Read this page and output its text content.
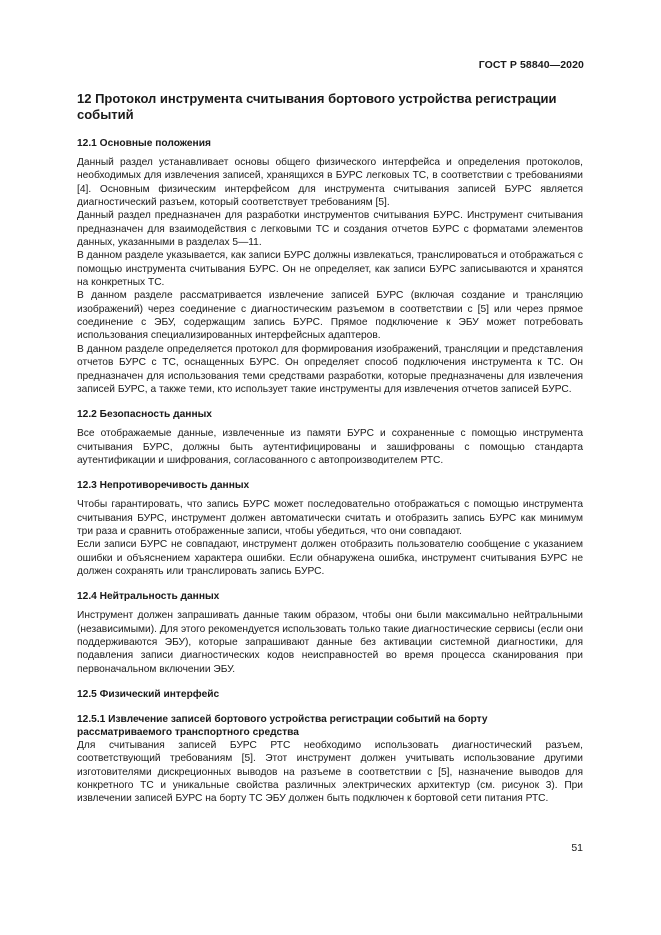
ГОСТ Р 58840—2020
12 Протокол инструмента считывания бортового устройства регистрации событий
12.1 Основные положения

Данный раздел устанавливает основы общего физического интерфейса и определения протоколов, необходимых для извлечения записей, хранящихся в БУРС легковых ТС, в соответствии с требованиями [4]. Основным физическим интерфейсом для инструмента считывания записей БУРС является диагностический разъем, который соответствует требованиям [5].

Данный раздел предназначен для разработки инструментов считывания БУРС. Инструмент считывания предназначен для взаимодействия с легковыми ТС и создания отчетов БУРС с форматами элементов данных, указанными в разделах 5—11.

В данном разделе указывается, как записи БУРС должны извлекаться, транслироваться и отображаться с помощью инструмента считывания БУРС. Он не определяет, как записи БУРС записываются и хранятся на конкретных ТС.

В данном разделе рассматривается извлечение записей БУРС (включая создание и трансляцию изображений) через соединение с диагностическим разъемом в соответствии с [5] или через прямое соединение с ЭБУ, содержащим запись БУРС. Прямое подключение к ЭБУ может потребовать использования специализированных интерфейсных адаптеров.

В данном разделе определяется протокол для формирования изображений, трансляции и представления отчетов БУРС с ТС, оснащенных БУРС. Он определяет способ подключения инструмента к ТС. Он предназначен для использования теми средствами разработки, которые предназначены для извлечения записей БУРС, а также теми, кто использует такие инструменты для извлечения отчетов записей БУРС.

12.2 Безопасность данных

Все отображаемые данные, извлеченные из памяти БУРС и сохраненные с помощью инструмента считывания БУРС, должны быть аутентифицированы и зашифрованы с помощью стандарта аутентификации и шифрования, согласованного с автопроизводителем РТС.

12.3 Непротиворечивость данных

Чтобы гарантировать, что запись БУРС может последовательно отображаться с помощью инструмента считывания БУРС, инструмент должен автоматически считать и отобразить запись БУРС как минимум три раза и сравнить отображенные записи, чтобы убедиться, что они совпадают.

Если записи БУРС не совпадают, инструмент должен отобразить пользователю сообщение с указанием ошибки и объяснением характера ошибки. Если обнаружена ошибка, инструмент считывания БУРС не должен сохранять или транслировать запись БУРС.

12.4 Нейтральность данных

Инструмент должен запрашивать данные таким образом, чтобы они были максимально нейтральными (независимыми). Для этого рекомендуется использовать только такие диагностические сервисы (если они поддерживаются ЭБУ), которые запрашивают данные без активации системной диагностики, для подавления записи диагностических кодов неисправностей во время процесса сканирования при первоначальном включении ЭБУ.

12.5 Физический интерфейс
12.5.1 Извлечение записей бортового устройства регистрации событий на борту рассматриваемого транспортного средства

Для считывания записей БУРС РТС необходимо использовать диагностический разъем, соответствующий требованиям [5]. Этот инструмент должен учитывать использование другими изготовителями дискреционных выводов на разъеме в соответствии с [5], назначение выводов для конкретного ТС и уникальные свойства различных электрических архитектур (см. рисунок 3). При извлечении записей БУРС на борту ТС ЭБУ должен быть подключен к бортовой сети питания РТС.

51
